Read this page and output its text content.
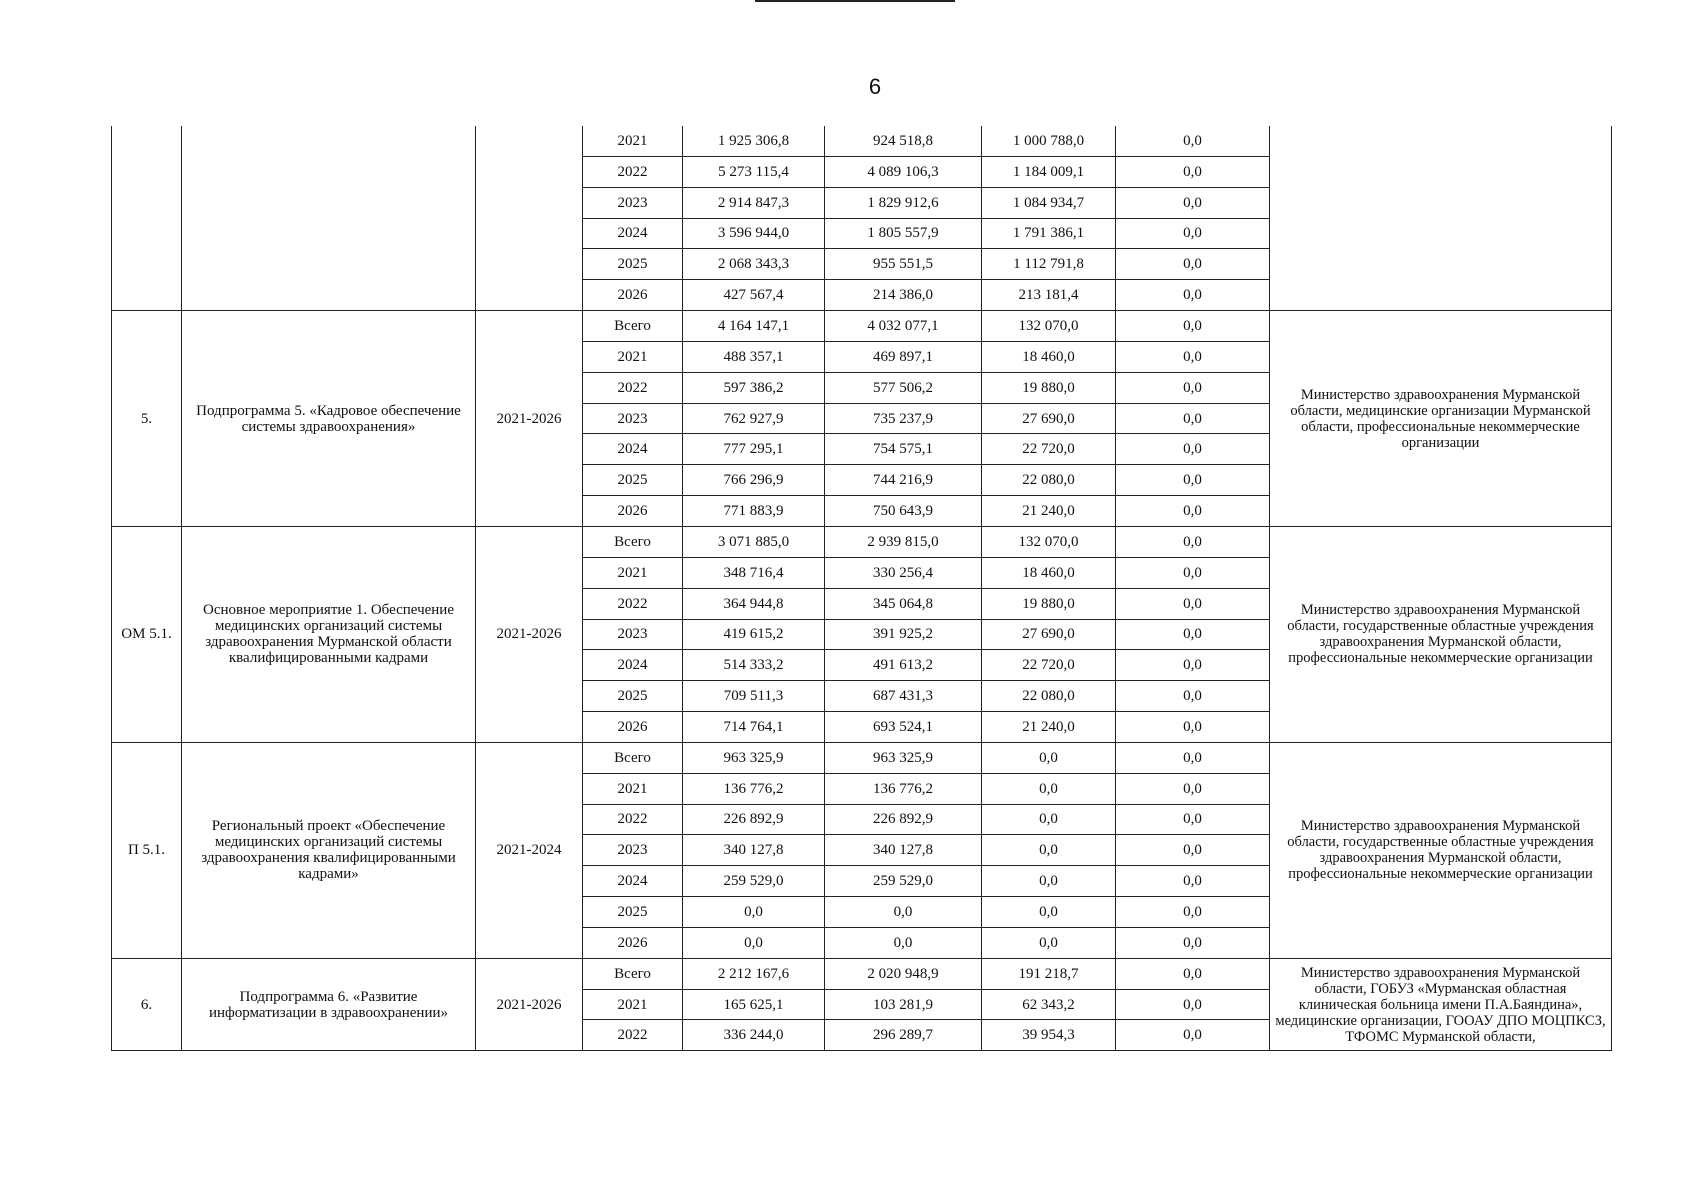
6
			2021	1 925 306,8	924 518,8	1 000 788,0	0,0	
			2022	5 273 115,4	4 089 106,3	1 184 009,1	0,0	
			2023	2 914 847,3	1 829 912,6	1 084 934,7	0,0	
			2024	3 596 944,0	1 805 557,9	1 791 386,1	0,0	
			2025	2 068 343,3	955 551,5	1 112 791,8	0,0	
			2026	427 567,4	214 386,0	213 181,4	0,0	
5.	Подпрограмма 5. «Кадровое обеспечение системы здравоохранения»	2021-2026	Всего	4 164 147,1	4 032 077,1	132 070,0	0,0	Министерство здравоохранения Мурманской области, медицинские организации Мурманской области, профессиональные некоммерческие организации
			2021	488 357,1	469 897,1	18 460,0	0,0	
			2022	597 386,2	577 506,2	19 880,0	0,0	
			2023	762 927,9	735 237,9	27 690,0	0,0	
			2024	777 295,1	754 575,1	22 720,0	0,0	
			2025	766 296,9	744 216,9	22 080,0	0,0	
			2026	771 883,9	750 643,9	21 240,0	0,0	
ОМ 5.1.	Основное мероприятие 1. Обеспечение медицинских организаций системы здравоохранения Мурманской области квалифицированными кадрами	2021-2026	Всего	3 071 885,0	2 939 815,0	132 070,0	0,0	Министерство здравоохранения Мурманской области, государственные областные учреждения здравоохранения Мурманской области, профессиональные некоммерческие организации
			2021	348 716,4	330 256,4	18 460,0	0,0	
			2022	364 944,8	345 064,8	19 880,0	0,0	
			2023	419 615,2	391 925,2	27 690,0	0,0	
			2024	514 333,2	491 613,2	22 720,0	0,0	
			2025	709 511,3	687 431,3	22 080,0	0,0	
			2026	714 764,1	693 524,1	21 240,0	0,0	
П 5.1.	Региональный проект «Обеспечение медицинских организаций системы здравоохранения квалифицированными кадрами»	2021-2024	Всего	963 325,9	963 325,9	0,0	0,0	Министерство здравоохранения Мурманской области, государственные областные учреждения здравоохранения Мурманской области, профессиональные некоммерческие организации
			2021	136 776,2	136 776,2	0,0	0,0	
			2022	226 892,9	226 892,9	0,0	0,0	
			2023	340 127,8	340 127,8	0,0	0,0	
			2024	259 529,0	259 529,0	0,0	0,0	
			2025	0,0	0,0	0,0	0,0	
			2026	0,0	0,0	0,0	0,0	
6.	Подпрограмма 6. «Развитие информатизации в здравоохранении»	2021-2026	Всего	2 212 167,6	2 020 948,9	191 218,7	0,0	Министерство здравоохранения Мурманской области, ГОБУЗ «Мурманская областная клиническая больница имени П.А.Баяндина», медицинские организации, ГООАУ ДПО МОЦПКСЗ, ТФОМС Мурманской области,
			2021	165 625,1	103 281,9	62 343,2	0,0	
			2022	336 244,0	296 289,7	39 954,3	0,0	
